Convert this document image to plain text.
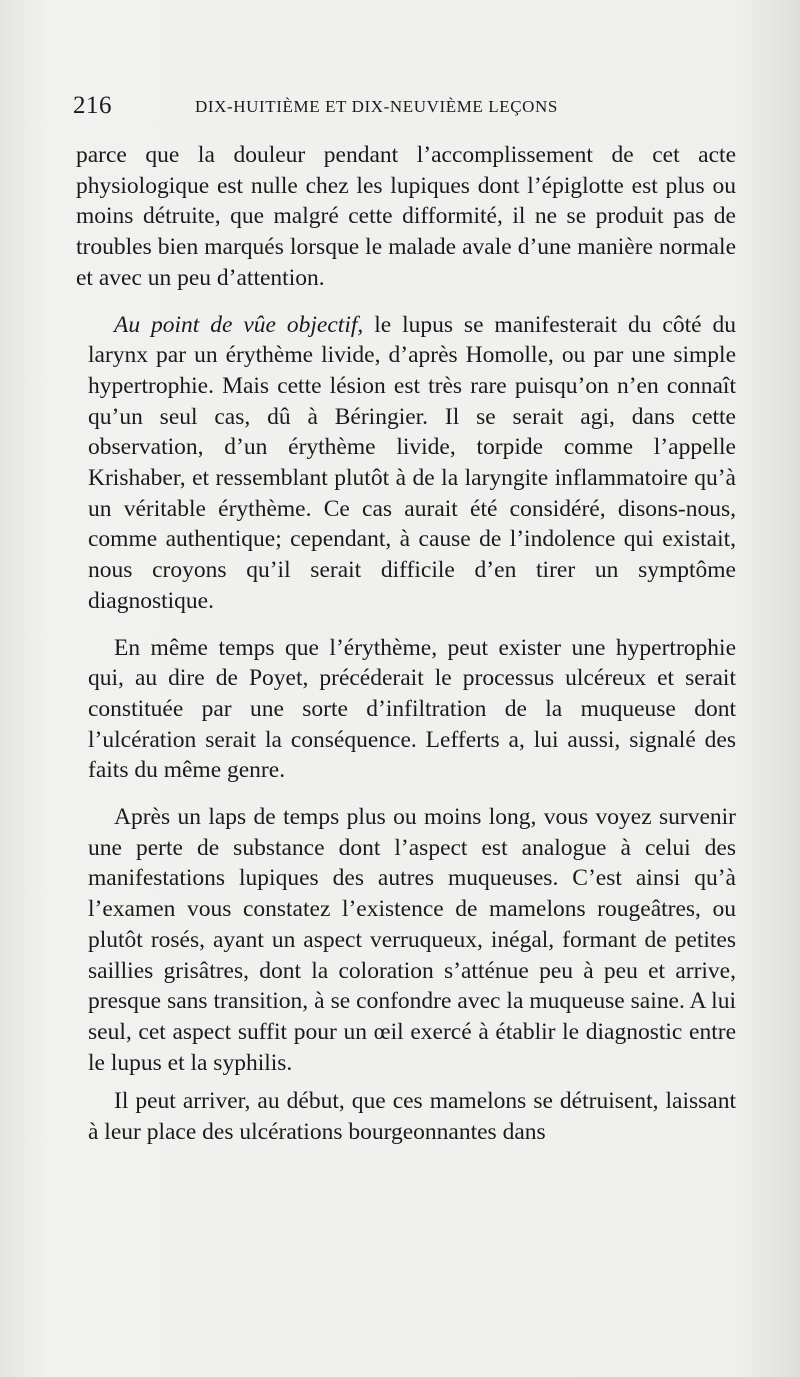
216	DIX-HUITIÈME ET DIX-NEUVIÈME LEÇONS

parce que la douleur pendant l’accomplissement de cet acte physiologique est nulle chez les lupiques dont l’épiglotte est plus ou moins détruite, que malgré cette difformité, il ne se produit pas de troubles bien marqués lorsque le malade avale d’une manière normale et avec un peu d’attention.

Au point de vûe objectif, le lupus se manifesterait du côté du larynx par un érythème livide, d’après Homolle, ou par une simple hypertrophie. Mais cette lésion est très rare puisqu’on n’en connaît qu’un seul cas, dû à Béringier. Il se serait agi, dans cette observation, d’un érythème livide, torpide comme l’appelle Krishaber, et ressemblant plutôt à de la laryngite inflammatoire qu’à un véritable érythème. Ce cas aurait été considéré, disons-nous, comme authentique; cependant, à cause de l’indolence qui existait, nous croyons qu’il serait difficile d’en tirer un symptôme diagnostique.

En même temps que l’érythème, peut exister une hypertrophie qui, au dire de Poyet, précéderait le processus ulcéreux et serait constituée par une sorte d’infiltration de la muqueuse dont l’ulcération serait la conséquence. Lefferts a, lui aussi, signalé des faits du même genre.

Après un laps de temps plus ou moins long, vous voyez survenir une perte de substance dont l’aspect est analogue à celui des manifestations lupiques des autres muqueuses. C’est ainsi qu’à l’examen vous constatez l’existence de mamelons rougeâtres, ou plutôt rosés, ayant un aspect verruqueux, inégal, formant de petites saillies grisâtres, dont la coloration s’atténue peu à peu et arrive, presque sans transition, à se confondre avec la muqueuse saine. A lui seul, cet aspect suffit pour un œil exercé à établir le diagnostic entre le lupus et la syphilis.

Il peut arriver, au début, que ces mamelons se détruisent, laissant à leur place des ulcérations bourgeonnantes dans
